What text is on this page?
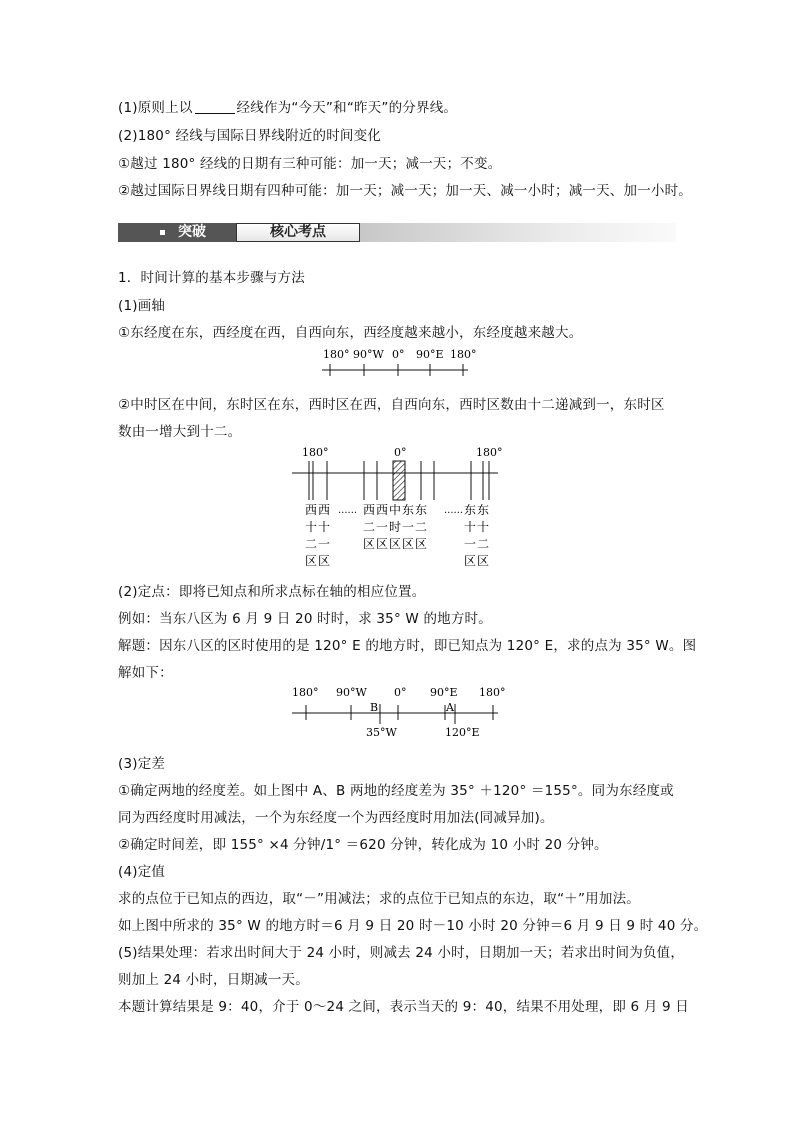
(1)原则上以	经线作为“今天”和“昨天”的分界线。
(2)180° 经线与国际日界线附近的时间变化
①越过 180° 经线的日期有三种可能：加一天；减一天；不变。
②越过国际日界线日期有四种可能：加一天；减一天；加一天、减一小时；减一天、加一小时。
突破	核心考点
1．时间计算的基本步骤与方法
(1)画轴
①东经度在东，西经度在西，自西向东，西经度越来越小，东经度越来越大。
180° 90°W 0° 90°E 180°
②中时区在中间，东时区在东，西时区在西，自西向东，西时区数由十二递减到一，东时区
数由一增大到十二。
180°	0°	180°
......	......
西
十
二
区
西
十
一
区
西
二
区
西
一
区
中
时
区
东
一
区
东
二
区
东
十
一
区
东
十
二
区
(2)定点：即将已知点和所求点标在轴的相应位置。
例如：当东八区为 6 月 9 日 20 时时，求 35° W 的地方时。
解题：因东八区的区时使用的是 120° E 的地方时，即已知点为 120° E，求的点为 35° W。图
解如下：
180° 90°W 0° 90°E 180°
B	A
35°W	120°E
(3)定差
①确定两地的经度差。如上图中 A、B 两地的经度差为 35° ＋120° ＝155°。同为东经度或
同为西经度时用减法，一个为东经度一个为西经度时用加法(同减异加)。
②确定时间差，即 155° ×4 分钟/1° ＝620 分钟，转化成为 10 小时 20 分钟。
(4)定值
求的点位于已知点的西边，取“－”用减法；求的点位于已知点的东边，取“＋”用加法。
如上图中所求的 35° W 的地方时＝6 月 9 日 20 时－10 小时 20 分钟＝6 月 9 日 9 时 40 分。
(5)结果处理：若求出时间大于 24 小时，则减去 24 小时，日期加一天；若求出时间为负值，
则加上 24 小时，日期减一天。
本题计算结果是 9：40，介于 0～24 之间，表示当天的 9：40，结果不用处理，即 6 月 9 日
